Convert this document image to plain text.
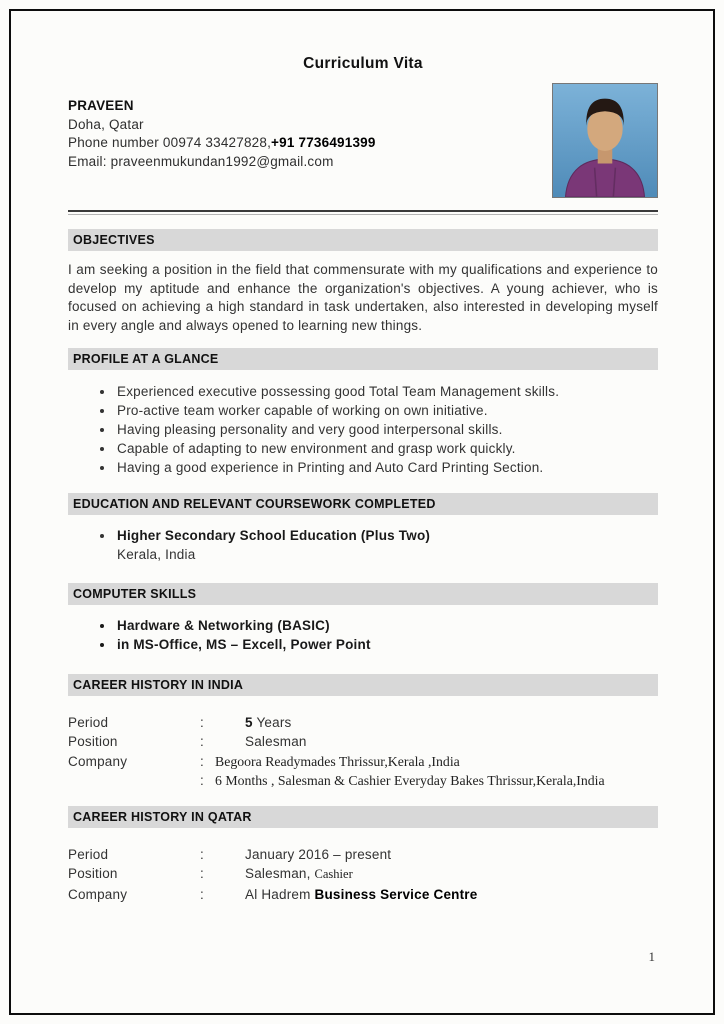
Curriculum Vita
PRAVEEN
Doha, Qatar
Phone number 00974 33427828,+91 7736491399
Email: praveenmukundan1992@gmail.com
OBJECTIVES

I am seeking a position in the field that commensurate with my qualifications and experience to develop my aptitude and enhance the organization's objectives. A young achiever, who is focused on achieving a high standard in task undertaken, also interested in developing myself in every angle and always opened to learning new things.

PROFILE AT A GLANCE
• Experienced executive possessing good Total Team Management skills.
• Pro-active team worker capable of working on own initiative.
• Having pleasing personality and very good interpersonal skills.
• Capable of adapting to new environment and grasp work quickly.
• Having a good experience in Printing and Auto Card Printing Section.
EDUCATION AND RELEVANT COURSEWORK COMPLETED
• Higher Secondary School Education (Plus Two)
Kerala, India
COMPUTER SKILLS
• Hardware & Networking (BASIC)
• in MS-Office, MS – Excell, Power Point
CAREER HISTORY IN INDIA
Period	:	5 Years
Position	:	Salesman
Company	: Begoora Readymades Thrissur,Kerala ,India
: 6 Months , Salesman & Cashier Everyday Bakes Thrissur,Kerala,India
CAREER HISTORY IN QATAR
Period	:	January 2016 – present
Position	:	Salesman, Cashier
Company	:	Al Hadrem Business Service Centre
1
